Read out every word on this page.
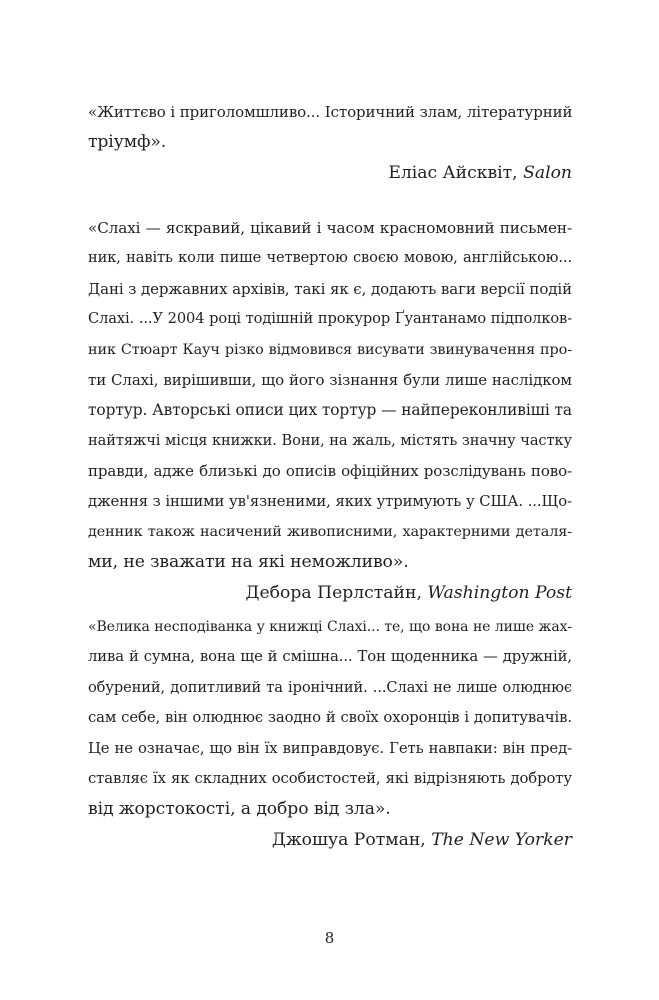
«Життєво і приголомшливо... Історичний злам, літературний
тріумф».

Еліас Айсквіт, Salon

«Слахі — яскравий, цікавий і часом красномовний письмен-
ник, навіть коли пише четвертою своєю мовою, англійською...
Дані з державних архівів, такі як є, додають ваги версії подій
Слахі. ...У 2004 році тодішній прокурор Ґуантанамо підполков-
ник Стюарт Кауч різко відмовився висувати звинувачення про-
ти Слахі, вирішивши, що його зізнання були лише наслідком
тортур. Авторські описи цих тортур — найпереконливіші та
найтяжчі місця книжки. Вони, на жаль, містять значну частку
правди, адже близькі до описів офіційних розслідувань пово-
дження з іншими ув'язненими, яких утримують у США. ...Що-
денник також насичений живописними, характерними деталя-
ми, не зважати на які неможливо».

Дебора Перлстайн, Washington Post

«Велика несподіванка у книжці Слахі... те, що вона не лише жах-
лива й сумна, вона ще й смішна... Тон щоденника — дружній,
обурений, допитливий та іронічний. ...Слахі не лише олюднює
сам себе, він олюднює заодно й своїх охоронців і допитувачів.
Це не означає, що він їх виправдовує. Геть навпаки: він пред-
ставляє їх як складних особистостей, які відрізняють доброту
від жорстокості, а добро від зла».

Джошуа Ротман, The New Yorker

8
